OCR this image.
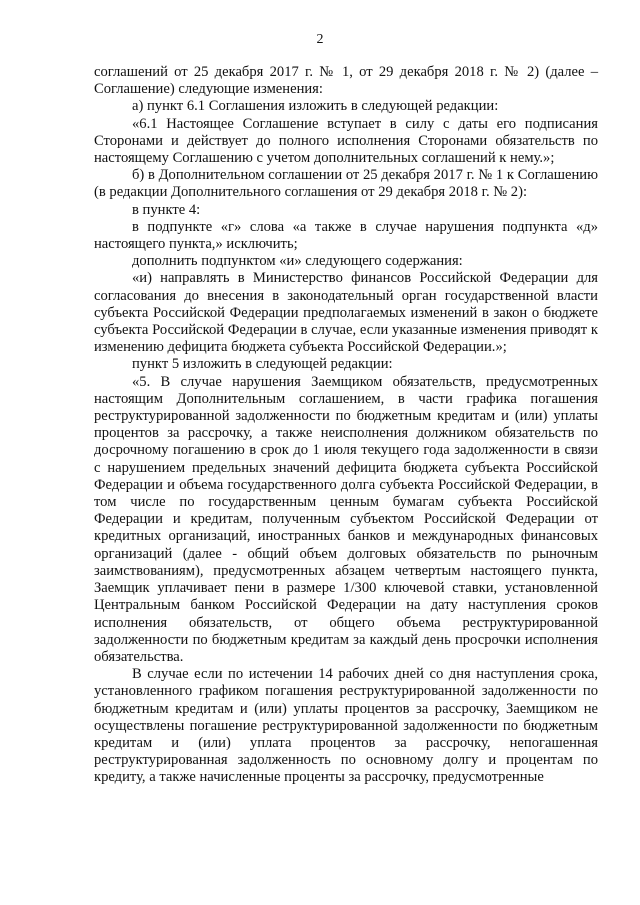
2

соглашений от 25 декабря 2017 г. № 1, от 29 декабря 2018 г. № 2) (далее – Соглашение) следующие изменения:

а) пункт 6.1 Соглашения изложить в следующей редакции:

«6.1 Настоящее Соглашение вступает в силу с даты его подписания Сторонами и действует до полного исполнения Сторонами обязательств по настоящему Соглашению с учетом дополнительных соглашений к нему.»;

б) в Дополнительном соглашении от 25 декабря 2017 г. № 1 к Соглашению (в редакции Дополнительного соглашения от 29 декабря 2018 г. № 2):

в пункте 4:

в подпункте «г» слова «а также в случае нарушения подпункта «д» настоящего пункта,» исключить;

дополнить подпунктом «и» следующего содержания:

«и) направлять в Министерство финансов Российской Федерации для согласования до внесения в законодательный орган государственной власти субъекта Российской Федерации предполагаемых изменений в закон о бюджете субъекта Российской Федерации в случае, если указанные изменения приводят к изменению дефицита бюджета субъекта Российской Федерации.»;

пункт 5 изложить в следующей редакции:

«5. В случае нарушения Заемщиком обязательств, предусмотренных настоящим Дополнительным соглашением, в части графика погашения реструктурированной задолженности по бюджетным кредитам и (или) уплаты процентов за рассрочку, а также неисполнения должником обязательств по досрочному погашению в срок до 1 июля текущего года задолженности в связи с нарушением предельных значений дефицита бюджета субъекта Российской Федерации и объема государственного долга субъекта Российской Федерации, в том числе по государственным ценным бумагам субъекта Российской Федерации и кредитам, полученным субъектом Российской Федерации от кредитных организаций, иностранных банков и международных финансовых организаций (далее - общий объем долговых обязательств по рыночным заимствованиям), предусмотренных абзацем четвертым настоящего пункта, Заемщик уплачивает пени в размере 1/300 ключевой ставки, установленной Центральным банком Российской Федерации на дату наступления сроков исполнения обязательств, от общего объема реструктурированной задолженности по бюджетным кредитам за каждый день просрочки исполнения обязательства.

В случае если по истечении 14 рабочих дней со дня наступления срока, установленного графиком погашения реструктурированной задолженности по бюджетным кредитам и (или) уплаты процентов за рассрочку, Заемщиком не осуществлены погашение реструктурированной задолженности по бюджетным кредитам и (или) уплата процентов за рассрочку, непогашенная реструктурированная задолженность по основному долгу и процентам по кредиту, а также начисленные проценты за рассрочку, предусмотренные
